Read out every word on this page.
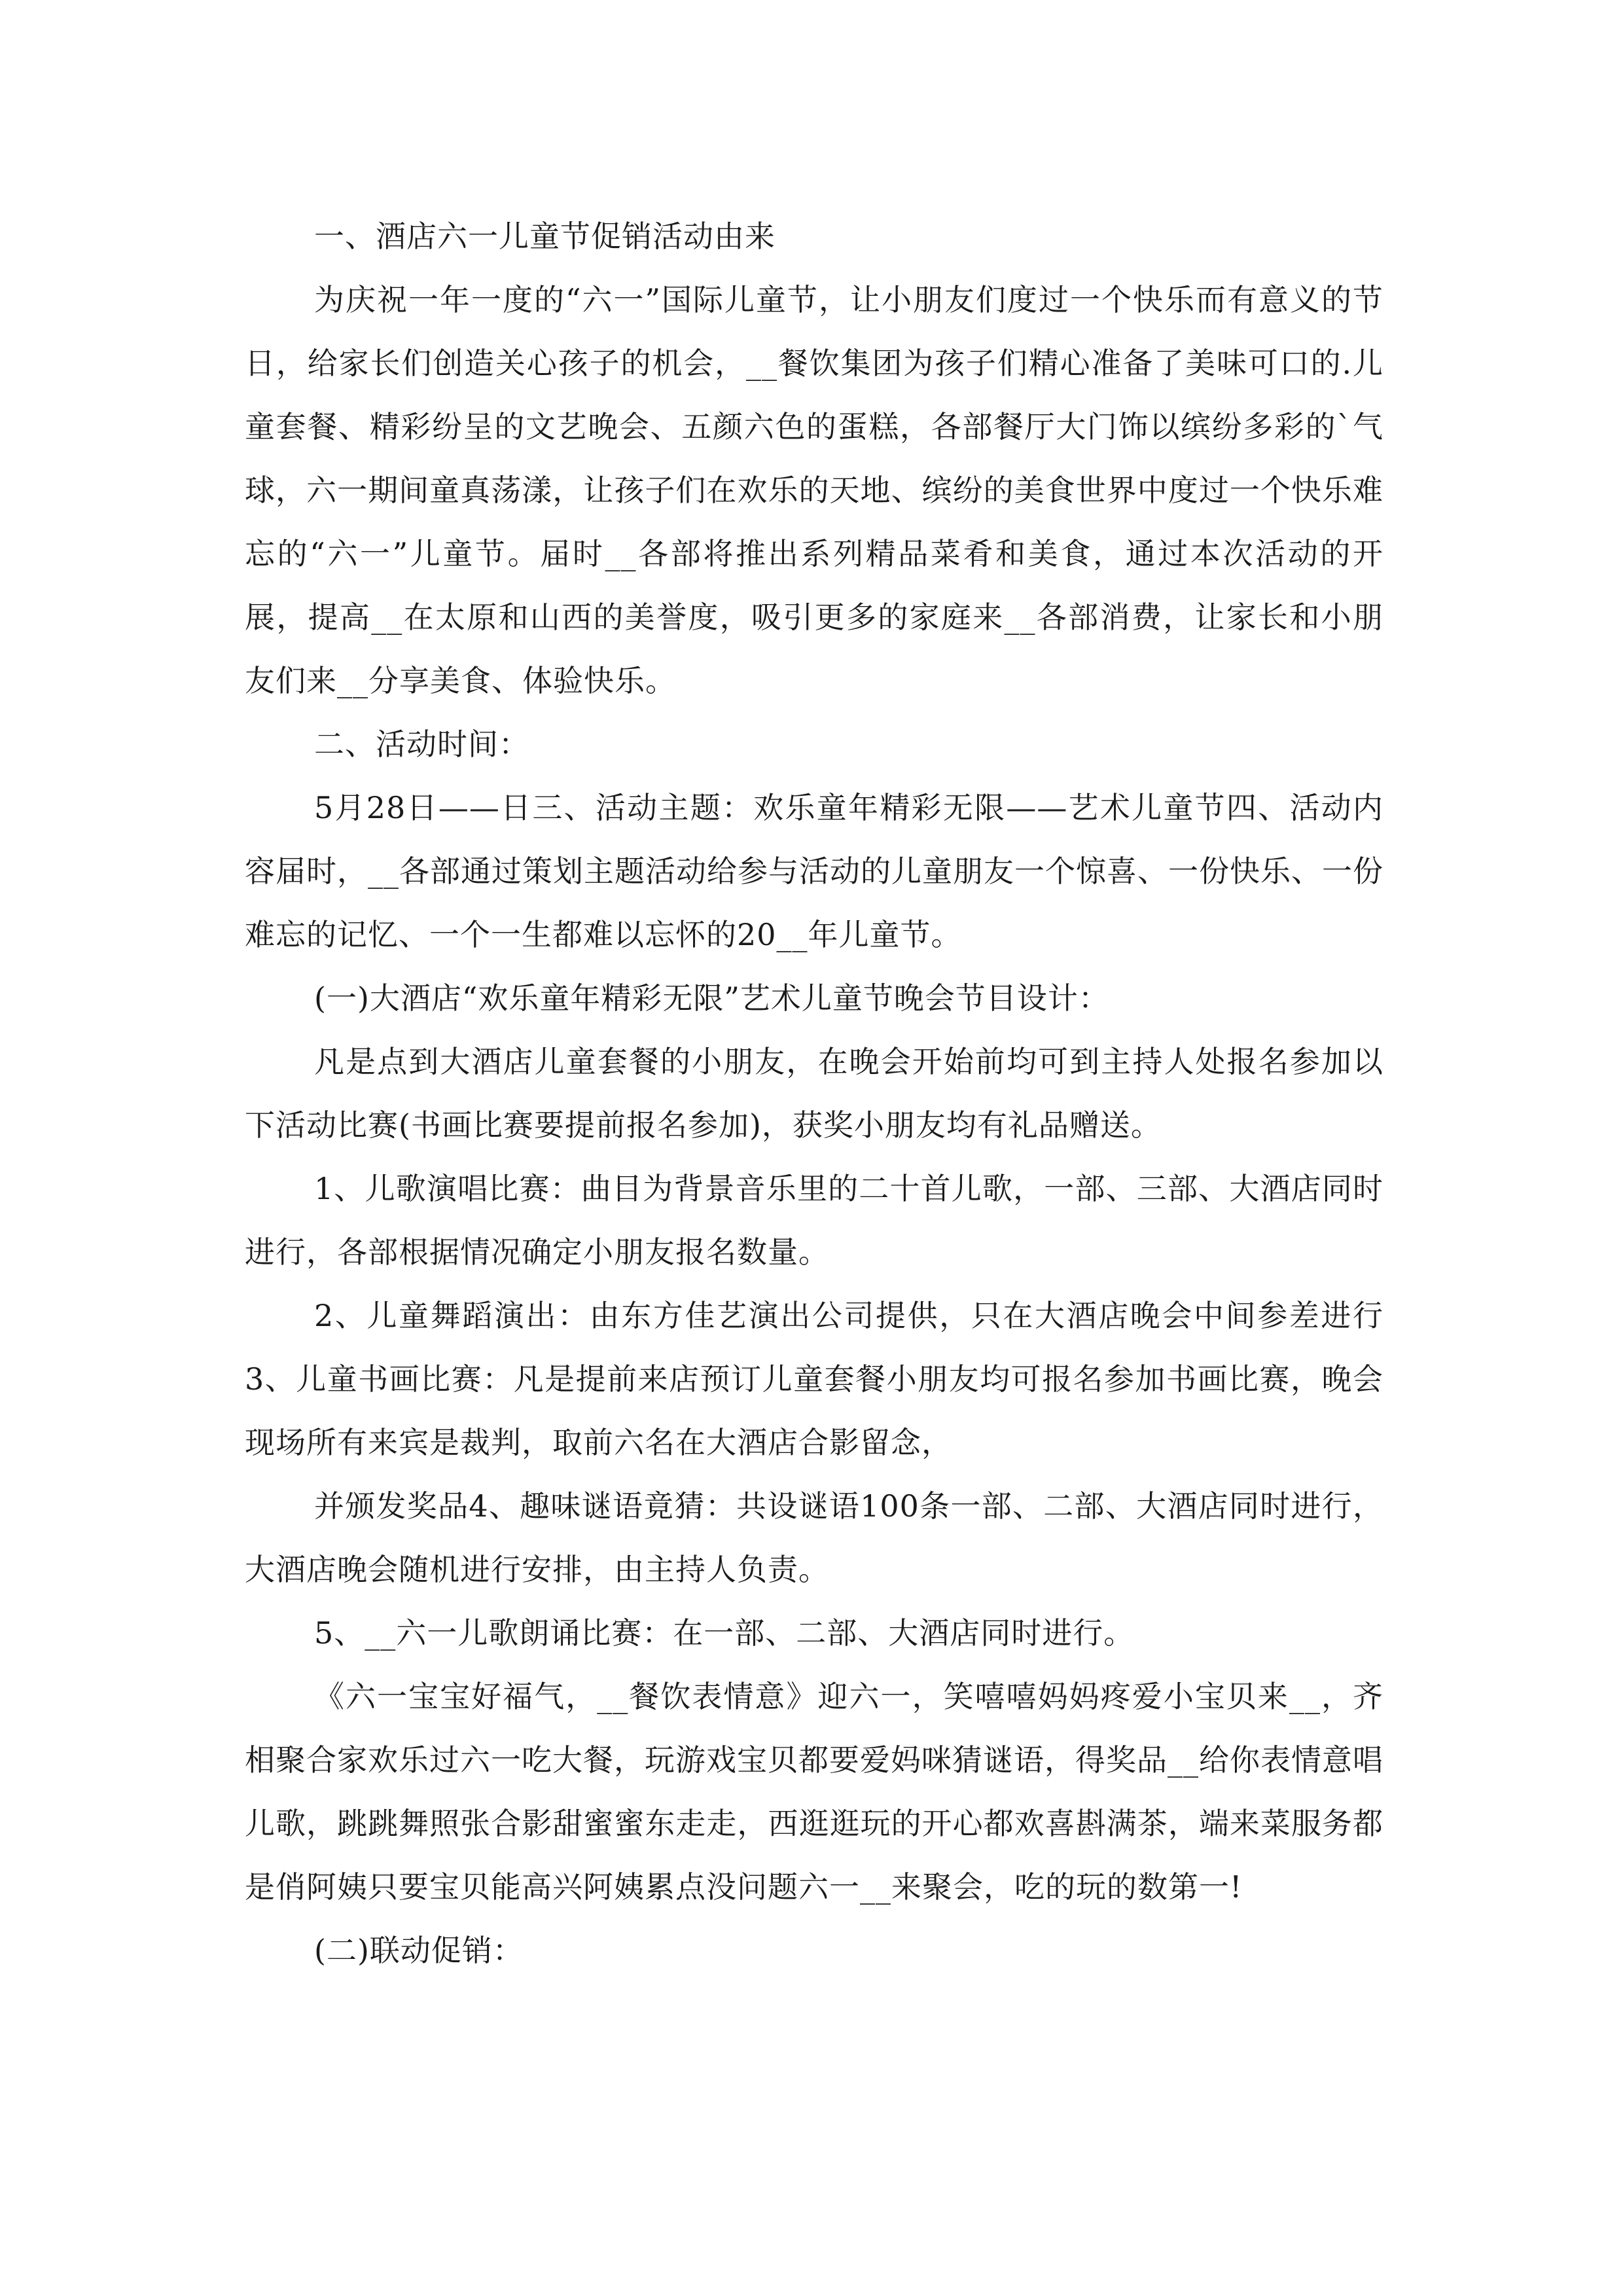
一、酒店六一儿童节促销活动由来

为庆祝一年一度的“六一”国际儿童节，让小朋友们度过一个快乐而有意义的节日，给家长们创造关心孩子的机会，__餐饮集团为孩子们精心准备了美味可口的.儿童套餐、精彩纷呈的文艺晚会、五颜六色的蛋糕，各部餐厅大门饰以缤纷多彩的`气球，六一期间童真荡漾，让孩子们在欢乐的天地、缤纷的美食世界中度过一个快乐难忘的“六一”儿童节。届时__各部将推出系列精品菜肴和美食，通过本次活动的开展，提高__在太原和山西的美誉度，吸引更多的家庭来__各部消费，让家长和小朋友们来__分享美食、体验快乐。

二、活动时间：

5月28日——日三、活动主题：欢乐童年精彩无限——艺术儿童节四、活动内容届时，__各部通过策划主题活动给参与活动的儿童朋友一个惊喜、一份快乐、一份难忘的记忆、一个一生都难以忘怀的20__年儿童节。

(一)大酒店“欢乐童年精彩无限”艺术儿童节晚会节目设计：

凡是点到大酒店儿童套餐的小朋友，在晚会开始前均可到主持人处报名参加以下活动比赛(书画比赛要提前报名参加)，获奖小朋友均有礼品赠送。

1、儿歌演唱比赛：曲目为背景音乐里的二十首儿歌，一部、三部、大酒店同时进行，各部根据情况确定小朋友报名数量。

2、儿童舞蹈演出：由东方佳艺演出公司提供，只在大酒店晚会中间参差进行3、儿童书画比赛：凡是提前来店预订儿童套餐小朋友均可报名参加书画比赛，晚会现场所有来宾是裁判，取前六名在大酒店合影留念，

并颁发奖品4、趣味谜语竟猜：共设谜语100条一部、二部、大酒店同时进行，大酒店晚会随机进行安排，由主持人负责。

5、__六一儿歌朗诵比赛：在一部、二部、大酒店同时进行。

《六一宝宝好福气，__餐饮表情意》迎六一，笑嘻嘻妈妈疼爱小宝贝来__，齐相聚合家欢乐过六一吃大餐，玩游戏宝贝都要爱妈咪猜谜语，得奖品__给你表情意唱儿歌，跳跳舞照张合影甜蜜蜜东走走，西逛逛玩的开心都欢喜斟满茶，端来菜服务都是俏阿姨只要宝贝能高兴阿姨累点没问题六一__来聚会，吃的玩的数第一!

(二)联动促销：
